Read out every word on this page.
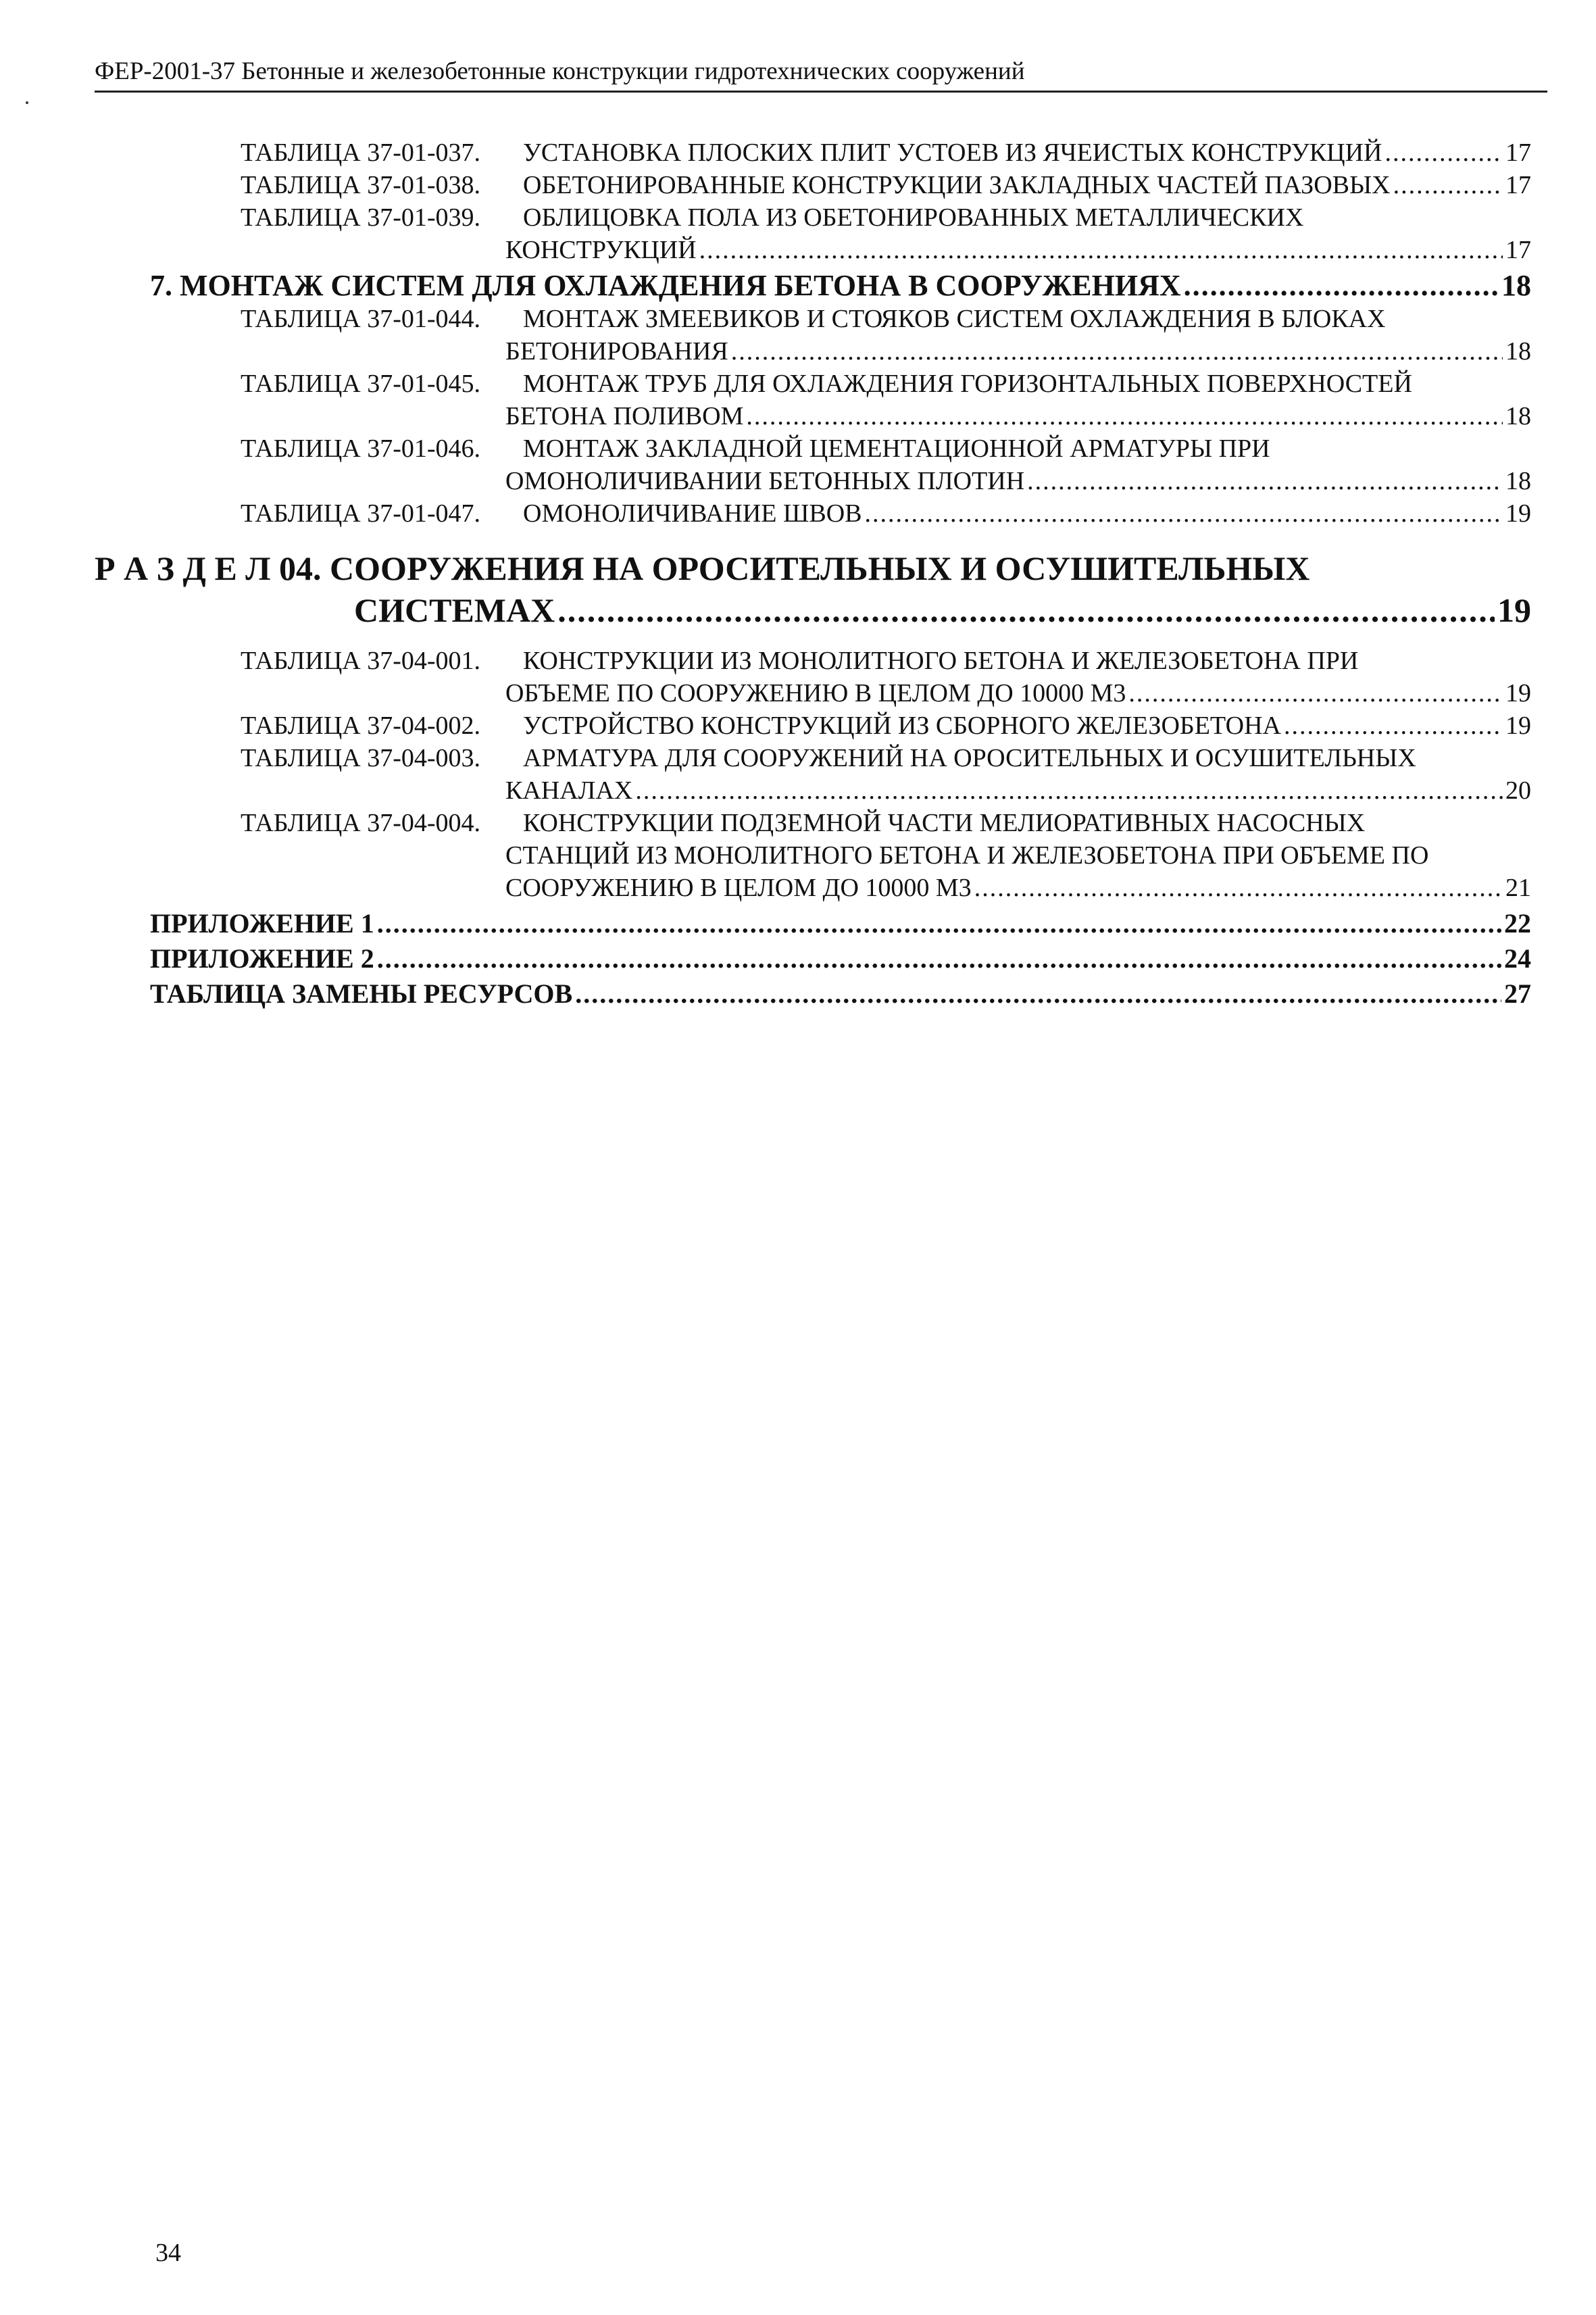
ФЕР-2001-37 Бетонные и железобетонные конструкции гидротехнических сооружений
ТАБЛИЦА 37-01-037. УСТАНОВКА ПЛОСКИХ ПЛИТ УСТОЕВ ИЗ ЯЧЕИСТЫХ КОНСТРУКЦИЙ .....	17
ТАБЛИЦА 37-01-038. ОБЕТОНИРОВАННЫЕ КОНСТРУКЦИИ ЗАКЛАДНЫХ ЧАСТЕЙ ПАЗОВЫХ .....	17
ТАБЛИЦА 37-01-039. ОБЛИЦОВКА ПОЛА ИЗ ОБЕТОНИРОВАННЫХ МЕТАЛЛИЧЕСКИХ
КОНСТРУКЦИЙ .....	17
7. МОНТАЖ СИСТЕМ ДЛЯ ОХЛАЖДЕНИЯ БЕТОНА В СООРУЖЕНИЯХ .....	18
ТАБЛИЦА 37-01-044. МОНТАЖ ЗМЕЕВИКОВ И СТОЯКОВ СИСТЕМ ОХЛАЖДЕНИЯ В БЛОКАХ
БЕТОНИРОВАНИЯ .....	18
ТАБЛИЦА 37-01-045. МОНТАЖ ТРУБ ДЛЯ ОХЛАЖДЕНИЯ ГОРИЗОНТАЛЬНЫХ ПОВЕРХНОСТЕЙ
БЕТОНА ПОЛИВОМ .....	18
ТАБЛИЦА 37-01-046. МОНТАЖ ЗАКЛАДНОЙ ЦЕМЕНТАЦИОННОЙ АРМАТУРЫ ПРИ
ОМОНОЛИЧИВАНИИ БЕТОННЫХ ПЛОТИН .....	18
ТАБЛИЦА 37-01-047. ОМОНОЛИЧИВАНИЕ ШВОВ .....	19
Р А З Д Е Л 04. СООРУЖЕНИЯ НА ОРОСИТЕЛЬНЫХ И ОСУШИТЕЛЬНЫХ
СИСТЕМАХ .....	19
ТАБЛИЦА 37-04-001. КОНСТРУКЦИИ ИЗ МОНОЛИТНОГО БЕТОНА И ЖЕЛЕЗОБЕТОНА ПРИ
ОБЪЕМЕ ПО СООРУЖЕНИЮ В ЦЕЛОМ ДО 10000 М3 .....	19
ТАБЛИЦА 37-04-002. УСТРОЙСТВО КОНСТРУКЦИЙ ИЗ СБОРНОГО ЖЕЛЕЗОБЕТОНА .....	19
ТАБЛИЦА 37-04-003. АРМАТУРА ДЛЯ СООРУЖЕНИЙ НА ОРОСИТЕЛЬНЫХ И ОСУШИТЕЛЬНЫХ
КАНАЛАХ .....	20
ТАБЛИЦА 37-04-004. КОНСТРУКЦИИ ПОДЗЕМНОЙ ЧАСТИ МЕЛИОРАТИВНЫХ НАСОСНЫХ
СТАНЦИЙ ИЗ МОНОЛИТНОГО БЕТОНА И ЖЕЛЕЗОБЕТОНА ПРИ ОБЪЕМЕ ПО
СООРУЖЕНИЮ В ЦЕЛОМ ДО 10000 М3 .....	21
ПРИЛОЖЕНИЕ 1 .....	22
ПРИЛОЖЕНИЕ 2 .....	24
ТАБЛИЦА ЗАМЕНЫ РЕСУРСОВ .....	27
34
